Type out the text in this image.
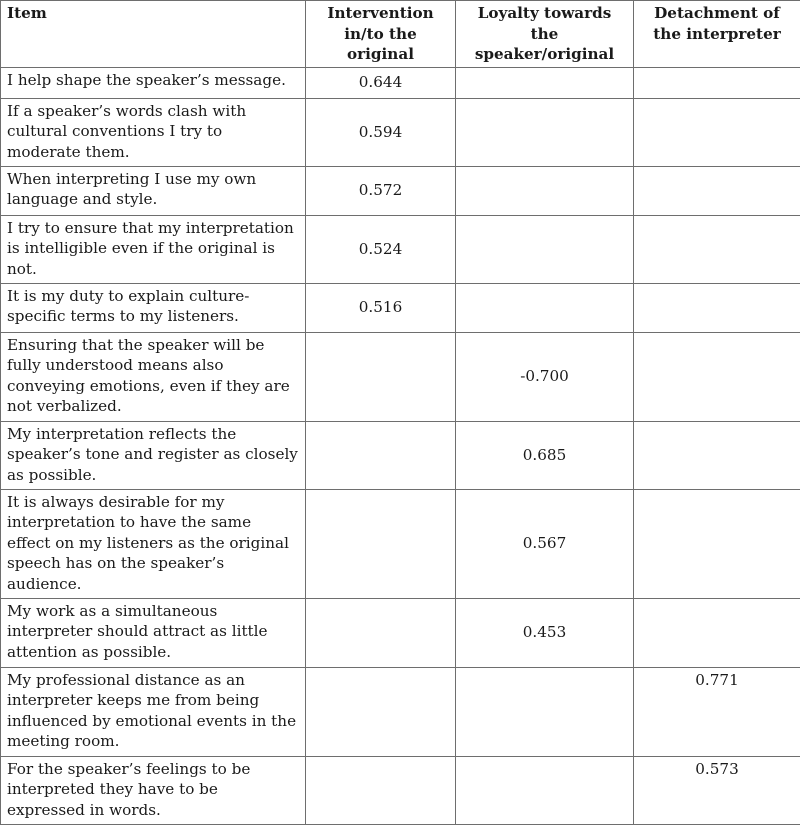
Item	Intervention in/to the original	Loyalty towards the speaker/original	Detachment of the interpreter
I help shape the speaker’s message.	0.644		
If a speaker’s words clash with cultural conventions I try to moderate them.	0.594		
When interpreting I use my own language and style.	0.572		
I try to ensure that my interpretation is intelligible even if the original is not.	0.524		
It is my duty to explain culture-specific terms to my listeners.	0.516		
Ensuring that the speaker will be fully understood means also conveying emotions, even if they are not verbalized.		-0.700	
My interpretation reflects the speaker’s tone and register as closely as possible.		0.685	
It is always desirable for my interpretation to have the same effect on my listeners as the original speech has on the speaker’s audience.		0.567	
My work as a simultaneous interpreter should attract as little attention as possible.		0.453	
My professional distance as an interpreter keeps me from being influenced by emotional events in the meeting room.			0.771
For the speaker’s feelings to be interpreted they have to be expressed in words.			0.573
